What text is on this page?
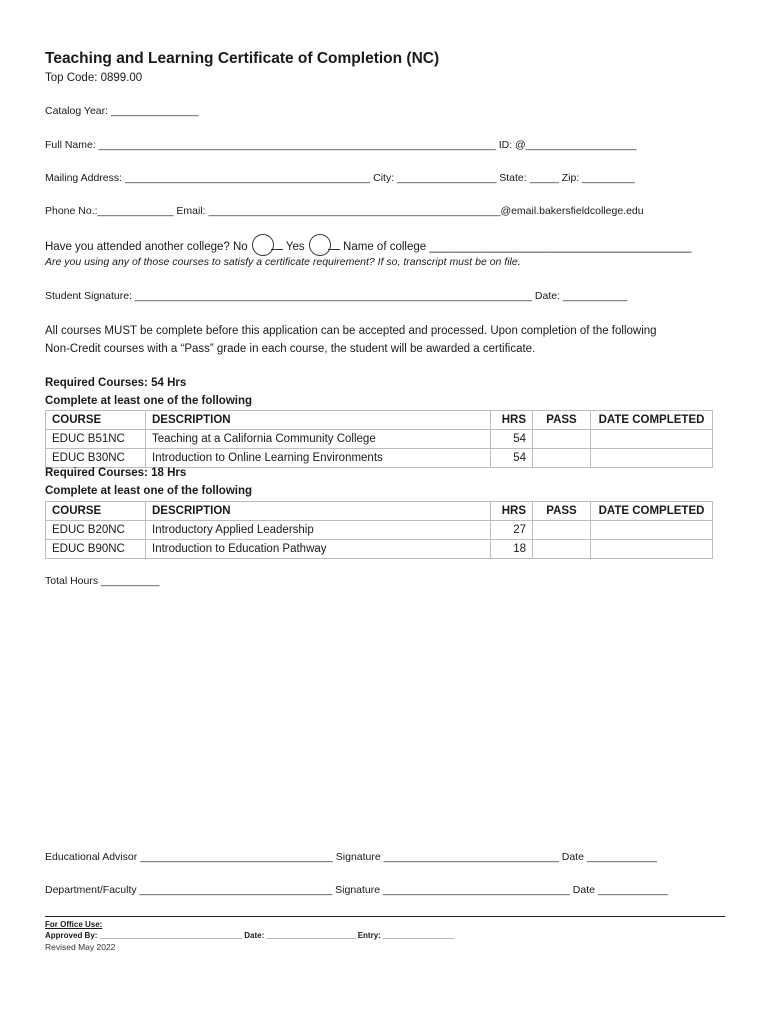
Teaching and Learning Certificate of Completion (NC)
Top Code: 0899.00
Catalog Year: _______________
Full Name: ____________________________________________________________________ ID: @___________________
Mailing Address: __________________________________________ City: _________________ State: _____ Zip: _________
Phone No.:_____________ Email: __________________________________________________@email.bakersfieldcollege.edu
Have you attended another college? No	Yes	Name of college _________________________________________
Are you using any of those courses to satisfy a certificate requirement? If so, transcript must be on file.
Student Signature: ____________________________________________________________________ Date: ___________
All courses MUST be complete before this application can be accepted and processed. Upon completion of the following
Non-Credit courses with a “Pass” grade in each course, the student will be awarded a certificate.
Required Courses: 54 Hrs
Complete at least one of the following
COURSE	DESCRIPTION	HRS	PASS	DATE COMPLETED
EDUC B51NC	Teaching at a California Community College	54		
EDUC B30NC	Introduction to Online Learning Environments	54		
Required Courses: 18 Hrs
Complete at least one of the following
COURSE	DESCRIPTION	HRS	PASS	DATE COMPLETED
EDUC B20NC	Introductory Applied Leadership	27		
EDUC B90NC	Introduction to Education Pathway	18		
Total Hours __________
Educational Advisor _________________________________ Signature ______________________________ Date ____________
Department/Faculty _________________________________ Signature ________________________________ Date ____________
For Office Use:
Approved By: ________________________________ Date: ____________________ Entry: ________________
Revised May 2022
